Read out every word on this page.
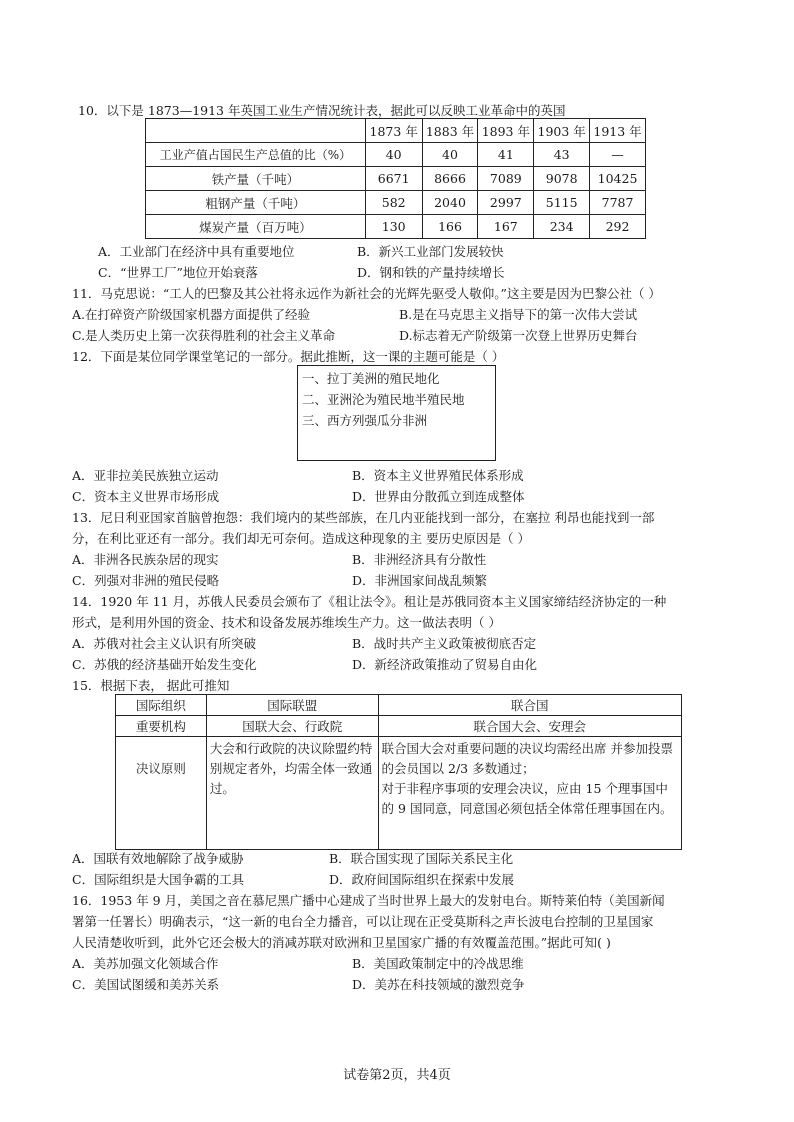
10．以下是 1873—1913 年英国工业生产情况统计表，据此可以反映工业革命中的英国
	1873 年	1883 年	1893 年	1903 年	1913 年
工业产值占国民生产总值的比（%）	40	40	41	43	—
铁产量（千吨）	6671	8666	7089	9078	10425
粗钢产量（千吨）	582	2040	2997	5115	7787
煤炭产量（百万吨）	130	166	167	234	292
A．工业部门在经济中具有重要地位	B．新兴工业部门发展较快
C．“世界工厂”地位开始衰落	D．钢和铁的产量持续增长
11．马克思说：“工人的巴黎及其公社将永远作为新社会的光辉先驱受人敬仰。”这主要是因为巴黎公社（ ）
A.在打碎资产阶级国家机器方面提供了经验	B.是在马克思主义指导下的第一次伟大尝试
C.是人类历史上第一次获得胜利的社会主义革命	D.标志着无产阶级第一次登上世界历史舞台
12．下面是某位同学课堂笔记的一部分。据此推断，这一课的主题可能是（ ）
一、拉丁美洲的殖民地化
二、亚洲沦为殖民地半殖民地
三、西方列强瓜分非洲
A．亚非拉美民族独立运动	B．资本主义世界殖民体系形成
C．资本主义世界市场形成	D．世界由分散孤立到连成整体
13．尼日利亚国家首脑曾抱怨：我们境内的某些部族，在几内亚能找到一部分，在塞拉 利昂也能找到一部
分，在利比亚还有一部分。我们却无可奈何。造成这种现象的主 要历史原因是（ ）
A．非洲各民族杂居的现实	B．非洲经济具有分散性
C．列强对非洲的殖民侵略	D．非洲国家间战乱频繁
14．1920 年 11 月，苏俄人民委员会颁布了《租让法令》。租让是苏俄同资本主义国家缔结经济协定的一种
形式，是利用外国的资金、技术和设备发展苏维埃生产力。这一做法表明（ ）
A．苏俄对社会主义认识有所突破	B．战时共产主义政策被彻底否定
C．苏俄的经济基础开始发生变化	D．新经济政策推动了贸易自由化
15．根据下表， 据此可推知
国际组织	国际联盟	联合国
重要机构	国联大会、行政院	联合国大会、安理会
决议原则	大会和行政院的决议除盟约特别规定者外，均需全体一致通过。	联合国大会对重要问题的决议均需经出席 并参加投票的会员国以 2/3 多数通过；
对于非程序事项的安理会决议，应由 15 个理事国中的 9 国同意，同意国必须包括全体常任理事国在内。
A．国联有效地解除了战争威胁	B．联合国实现了国际关系民主化
C．国际组织是大国争霸的工具	D．政府间国际组织在探索中发展
16．1953 年 9 月，美国之音在慕尼黑广播中心建成了当时世界上最大的发射电台。斯特莱伯特（美国新闻
署第一任署长）明确表示，“这一新的电台全力播音，可以让现在正受莫斯科之声长波电台控制的卫星国家
人民清楚收听到，此外它还会极大的消减苏联对欧洲和卫星国家广播的有效覆盖范围。”据此可知( )
A．美苏加强文化领域合作	B．美国政策制定中的冷战思维
C．美国试图缓和美苏关系	D．美苏在科技领域的激烈竞争
试卷第2页，共4页
